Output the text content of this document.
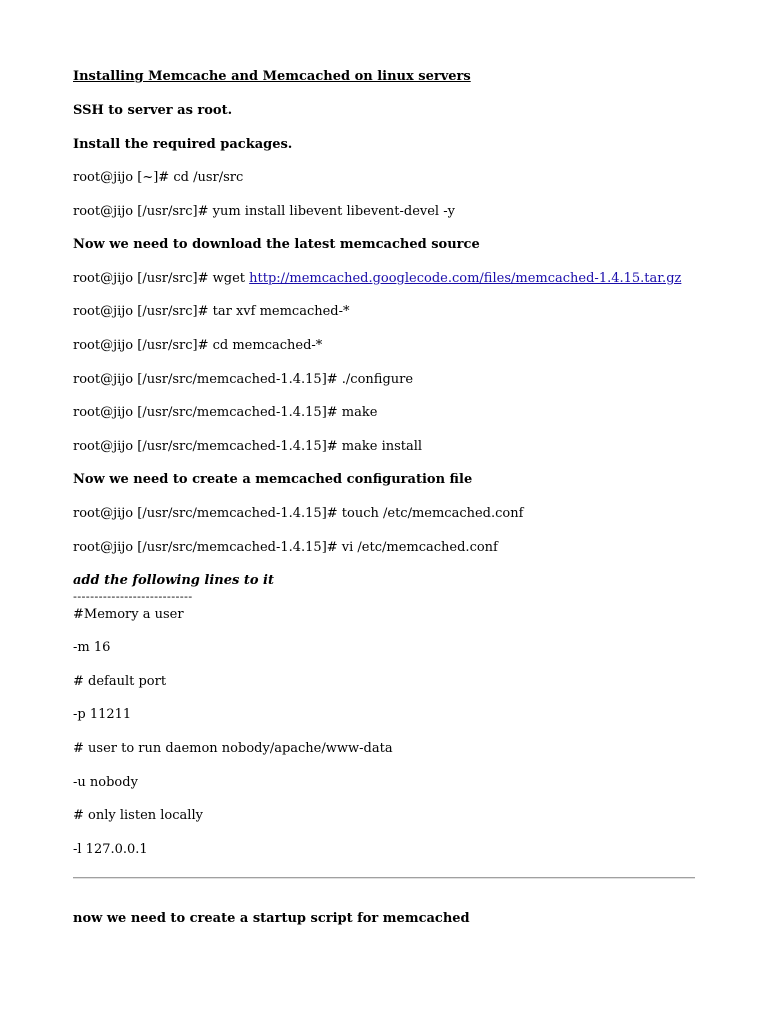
Installing Memcache and Memcached on linux servers
SSH to server as root.
Install the required packages.
root@jijo [~]# cd /usr/src
root@jijo [/usr/src]# yum install libevent libevent-devel -y
Now we need to download the latest memcached source
root@jijo [/usr/src]# wget http://memcached.googlecode.com/files/memcached-1.4.15.tar.gz
root@jijo [/usr/src]# tar xvf memcached-*
root@jijo [/usr/src]# cd memcached-*
root@jijo [/usr/src/memcached-1.4.15]# ./configure
root@jijo [/usr/src/memcached-1.4.15]# make
root@jijo [/usr/src/memcached-1.4.15]# make install
Now we need to create a memcached configuration file
root@jijo [/usr/src/memcached-1.4.15]# touch /etc/memcached.conf
root@jijo [/usr/src/memcached-1.4.15]# vi /etc/memcached.conf
add the following lines to it
----------------------------
#Memory a user
-m 16
# default port
-p 11211
# user to run daemon nobody/apache/www-data
-u nobody
# only listen locally
-l 127.0.0.1
now we need to create a startup script for memcached
